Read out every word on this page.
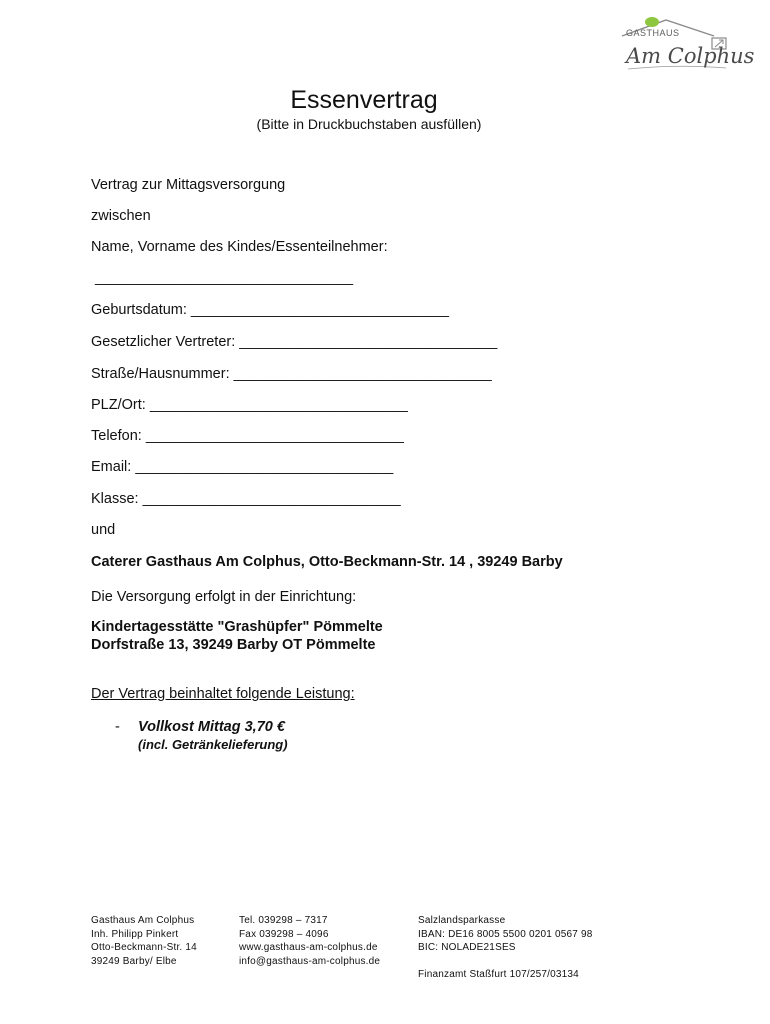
GASTHAUS
Am Colphus
Essenvertrag
(Bitte in Druckbuchstaben ausfüllen)
Vertrag zur Mittagsversorgung
zwischen
Name, Vorname des Kindes/Essenteilnehmer:
________________________________
Geburtsdatum: ________________________________
Gesetzlicher Vertreter: ________________________________
Straße/Hausnummer: ________________________________
PLZ/Ort: ________________________________
Telefon: ________________________________
Email: ________________________________
Klasse: ________________________________
und
Caterer Gasthaus Am Colphus, Otto-Beckmann-Str. 14 , 39249 Barby
Die Versorgung erfolgt in der Einrichtung:
Kindertagesstätte "Grashüpfer" Pömmelte
Dorfstraße 13, 39249 Barby OT Pömmelte
Der Vertrag beinhaltet folgende Leistung:
- Vollkost Mittag 3,70 €
(incl. Getränkelieferung)
Gasthaus Am Colphus
Inh. Philipp Pinkert
Otto-Beckmann-Str. 14
39249 Barby/ Elbe
Tel. 039298 – 7317
Fax 039298 – 4096
www.gasthaus-am-colphus.de
info@gasthaus-am-colphus.de
Salzlandsparkasse
IBAN: DE16 8005 5500 0201 0567 98
BIC: NOLADE21SES
Finanzamt Staßfurt 107/257/03134
